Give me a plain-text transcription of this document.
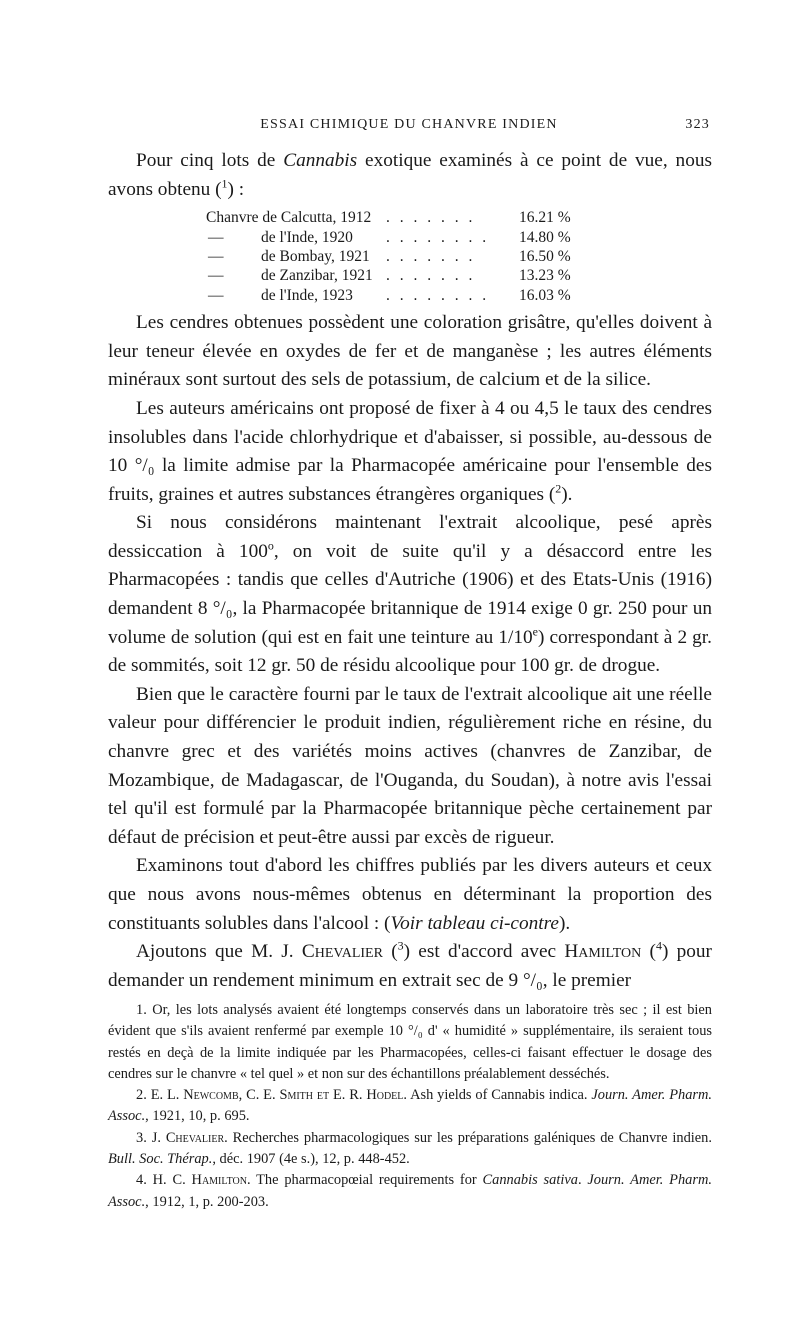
ESSAI CHIMIQUE DU CHANVRE INDIEN	323

Pour cinq lots de Cannabis exotique examinés à ce point de vue, nous avons obtenu ($^1$) :

Chanvre de Calcutta, 1912 . . . . . . .	16.21 %
— de l'Inde, 1920 . . . . . . . . 14.80 %
— de Bombay, 1921 . . . . . . .	16.50 %
— de Zanzibar, 1921 . . . . . . .	13.23 %
— de l'Inde, 1923 . . . . . . . . 16.03 %

Les cendres obtenues possèdent une coloration grisâtre, qu'elles doivent à leur teneur élevée en oxydes de fer et de manganèse ; les autres éléments minéraux sont surtout des sels de potassium, de calcium et de la silice.

Les auteurs américains ont proposé de fixer à 4 ou 4,5 le taux des cendres insolubles dans l'acide chlorhydrique et d'abaisser, si possible, au-dessous de 10 °/₀ la limite admise par la Pharmacopée américaine pour l'ensemble des fruits, graines et autres substances étrangères organiques ($^2$).

Si nous considérons maintenant l'extrait alcoolique, pesé après dessiccation à 100$^o$, on voit de suite qu'il y a désaccord entre les Pharmacopées : tandis que celles d'Autriche (1906) et des Etats-Unis (1916) demandent 8 °/₀, la Pharmacopée britannique de 1914 exige 0 gr. 250 pour un volume de solution (qui est en fait une teinture au 1/10e) correspondant à 2 gr. de sommités, soit 12 gr. 50 de résidu alcoolique pour 100 gr. de drogue.

Bien que le caractère fourni par le taux de l'extrait alcoolique ait une réelle valeur pour différencier le produit indien, régulièrement riche en résine, du chanvre grec et des variétés moins actives (chanvres de Zanzibar, de Mozambique, de Madagascar, de l'Ouganda, du Soudan), à notre avis l'essai tel qu'il est formulé par la Pharmacopée britannique pèche certainement par défaut de précision et peut-être aussi par excès de rigueur.

Examinons tout d'abord les chiffres publiés par les divers auteurs et ceux que nous avons nous-mêmes obtenus en déterminant la proportion des constituants solubles dans l'alcool : (Voir tableau ci-contre).

Ajoutons que M. J. Chevalier ($^3$) est d'accord avec Hamilton ($^4$) pour demander un rendement minimum en extrait sec de 9 °/₀, le premier

1. Or, les lots analysés avaient été longtemps conservés dans un laboratoire très sec ; il est bien évident que s'ils avaient renfermé par exemple 10 °/₀ d' « humidité » supplémentaire, ils seraient tous restés en deçà de la limite indiquée par les Pharmacopées, celles-ci faisant effectuer le dosage des cendres sur le chanvre « tel quel » et non sur des échantillons préalablement desséchés.

2. E. L. Newcomb, C. E. Smith et E. R. Hodel. Ash yields of Cannabis indica. Journ. Amer. Pharm. Assoc., 1921, 10, p. 695.

3. J. Chevalier. Recherches pharmacologiques sur les préparations galéniques de Chanvre indien. Bull. Soc. Thérap., déc. 1907 (4e s.), 12, p. 448-452.

4. H. C. Hamilton. The pharmacopœial requirements for Cannabis sativa. Journ. Amer. Pharm. Assoc., 1912, 1, p. 200-203.
